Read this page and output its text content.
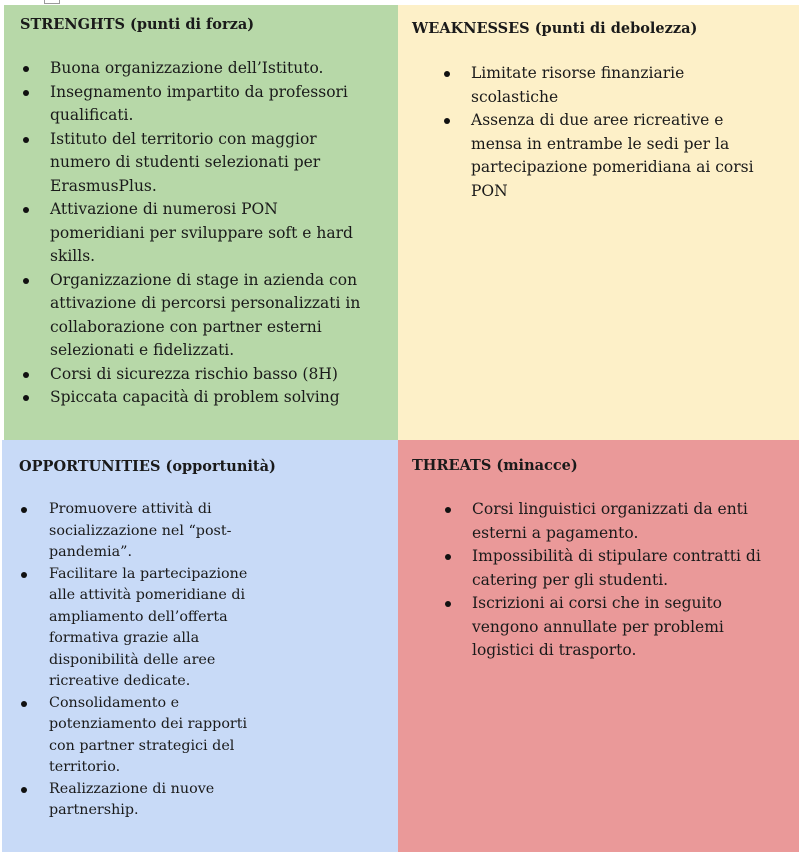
STRENGHTS (punti di forza)
Buona organizzazione dell’Istituto.
Insegnamento impartito da professori qualificati.
Istituto del territorio con maggior numero di studenti selezionati per ErasmusPlus.
Attivazione di numerosi PON pomeridiani per sviluppare soft e hard skills.
Organizzazione di stage in azienda con attivazione di percorsi personalizzati in collaborazione con partner esterni selezionati e fidelizzati.
Corsi di sicurezza rischio basso (8H)
Spiccata capacità di problem solving
WEAKNESSES (punti di debolezza)
Limitate risorse finanziarie scolastiche
Assenza di due aree ricreative e mensa in entrambe le sedi per la partecipazione pomeridiana ai corsi PON
OPPORTUNITIES (opportunità)
Promuovere attività di socializzazione nel “post-pandemia”.
Facilitare la partecipazione alle attività pomeridiane di ampliamento dell’offerta formativa grazie alla disponibilità delle aree ricreative dedicate.
Consolidamento e potenziamento dei rapporti con partner strategici del territorio.
Realizzazione di nuove partnership.
THREATS (minacce)
Corsi linguistici organizzati da enti esterni a pagamento.
Impossibilità di stipulare contratti di catering per gli studenti.
Iscrizioni ai corsi che in seguito vengono annullate per problemi logistici di trasporto.
